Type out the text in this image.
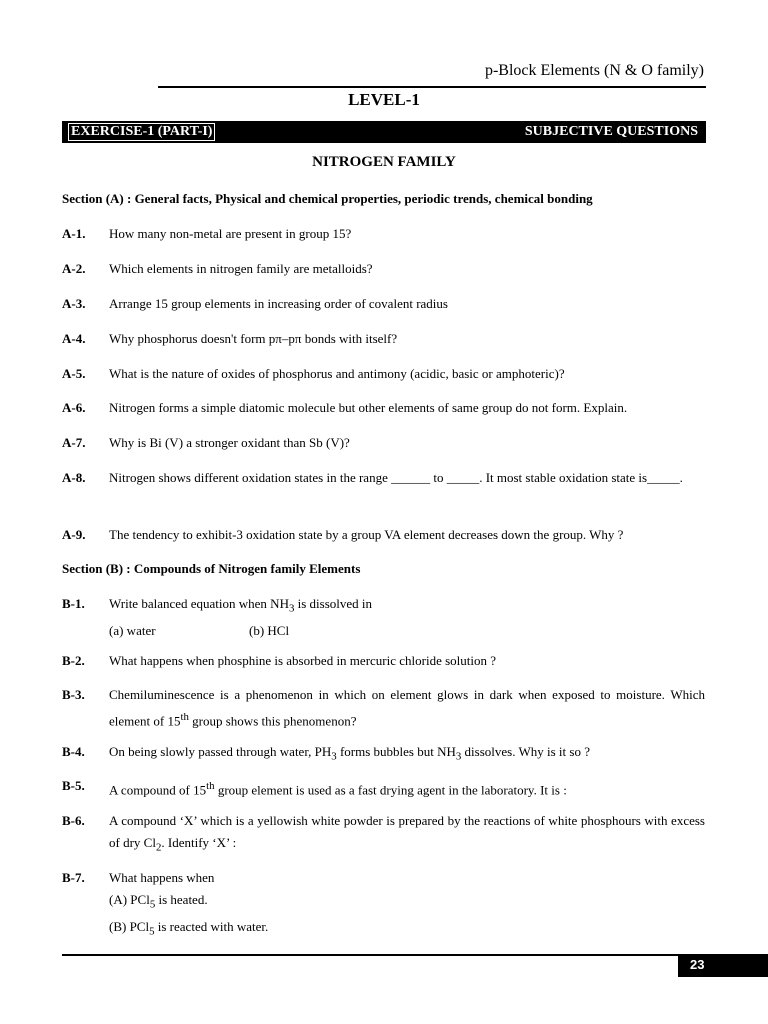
p-Block Elements (N & O family)
LEVEL-1
EXERCISE-1 (PART-I)	SUBJECTIVE QUESTIONS
NITROGEN FAMILY
Section (A) : General facts, Physical and chemical properties, periodic trends, chemical bonding
A-1. How many non-metal are present in group 15?
A-2. Which elements in nitrogen family are metalloids?
A-3. Arrange 15 group elements in increasing order of covalent radius
A-4. Why phosphorus doesn't form pπ–pπ bonds with itself?
A-5. What is the nature of oxides of phosphorus and antimony (acidic, basic or amphoteric)?
A-6. Nitrogen forms a simple diatomic molecule but other elements of same group do not form. Explain.
A-7. Why is Bi (V) a stronger oxidant than Sb (V)?
A-8. Nitrogen shows different oxidation states in the range ______ to _____. It most stable oxidation state is_____.
A-9. The tendency to exhibit-3 oxidation state by a group VA element decreases down the group. Why ?
Section (B) : Compounds of Nitrogen family Elements
B-1. Write balanced equation when $NH_3$ is dissolved in
(a) water	(b) HCl
B-2. What happens when phosphine is absorbed in mercuric chloride solution ?
B-3. Chemiluminescence is a phenomenon in which on element glows in dark when exposed to moisture. Which element of 15th group shows this phenomenon?
B-4. On being slowly passed through water, $PH_3$ forms bubbles but $NH_3$ dissolves. Why is it so ?
B-5. A compound of 15th group element is used as a fast drying agent in the laboratory. It is :
B-6. A compound ‘X’ which is a yellowish white powder is prepared by the reactions of white phosphours with excess of dry $Cl_2$. Identify ‘X’ :
B-7. What happens when
(A) PCl$_5$ is heated.
(B) PCl$_5$ is reacted with water.
23
